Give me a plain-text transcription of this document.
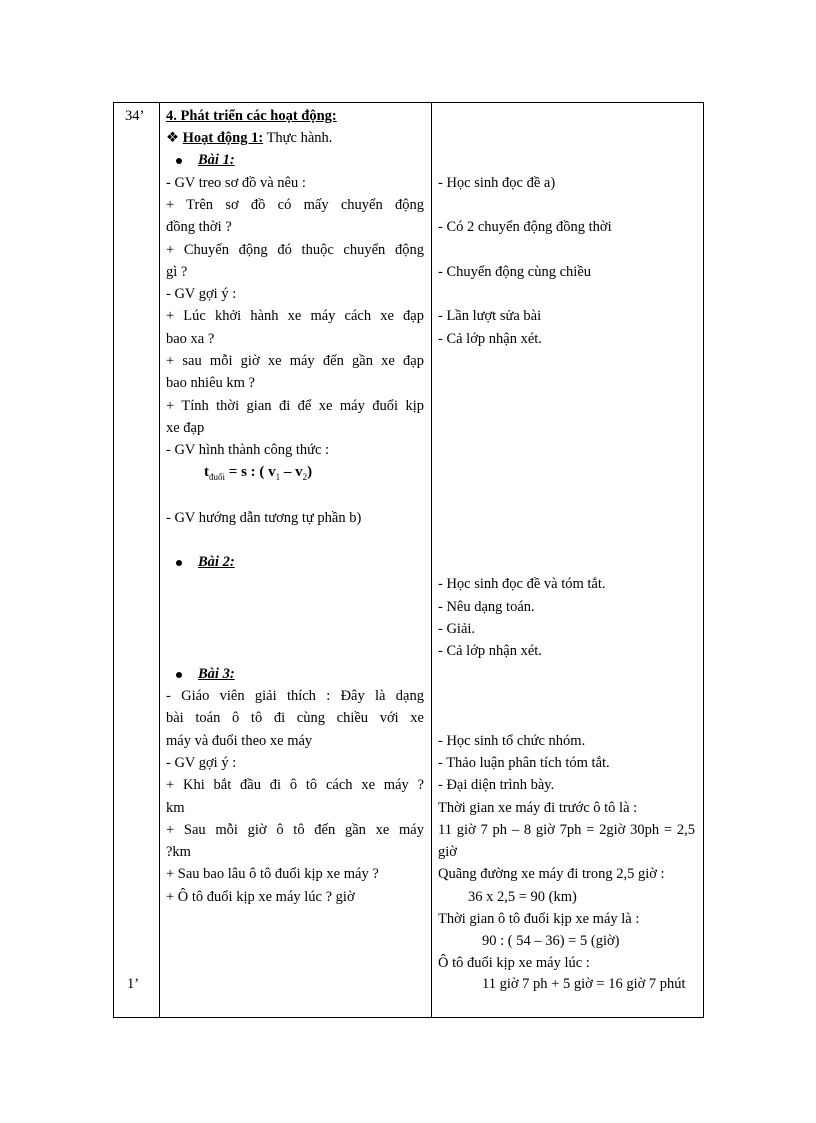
34’
1’
4. Phát triển các hoạt động:
❖ Hoạt động 1: Thực hành.
Bài 1:
- GV treo sơ đồ và nêu :
+ Trên sơ đồ có mấy chuyển động
đồng thời ?
+ Chuyển động đó thuộc chuyển động
gì ?
- GV gợi ý :
+ Lúc khởi hành xe máy cách xe đạp
bao xa ?
+ sau mỗi giờ xe máy đến gần xe đạp
bao nhiêu km ?
+ Tính thời gian đi để xe máy đuổi kịp
xe đạp
- GV hình thành công thức :
$t_{đuổi} = s$ : ( $v_1 - v_2$)
- GV hướng dẫn tương tự phần b)
Bài 2:
Bài 3:
- Giáo viên giải thích : Đây là dạng
bài toán ô tô đi cùng chiều với xe
máy và đuổi theo xe máy
- GV gợi ý :
+ Khi bắt đầu đi ô tô cách xe máy ?
km
+ Sau mỗi giờ ô tô đến gần xe máy
?km
+ Sau bao lâu ô tô đuổi kịp xe máy ?
+ Ô tô đuổi kịp xe máy lúc ? giờ
- Học sinh đọc đề a)
- Có 2 chuyển động đồng thời
- Chuyển động cùng chiều
- Lần lượt sửa bài
- Cả lớp nhận xét.
- Học sinh đọc đề và tóm tắt.
- Nêu dạng toán.
- Giải.
- Cả lớp nhận xét.
- Học sinh tổ chức nhóm.
- Thảo luận phân tích tóm tắt.
- Đại diện trình bày.
Thời gian xe máy đi trước ô tô là :
11 giờ 7 ph – 8 giờ 7ph = 2giờ 30ph = 2,5
giờ
Quãng đường xe máy đi trong 2,5 giờ :
36 x 2,5 = 90 (km)
Thời gian ô tô đuổi kịp xe máy là :
90 : ( 54 – 36) = 5 (giờ)
Ô tô đuổi kịp xe máy lúc :
11 giờ 7 ph + 5 giờ = 16 giờ 7 phút
